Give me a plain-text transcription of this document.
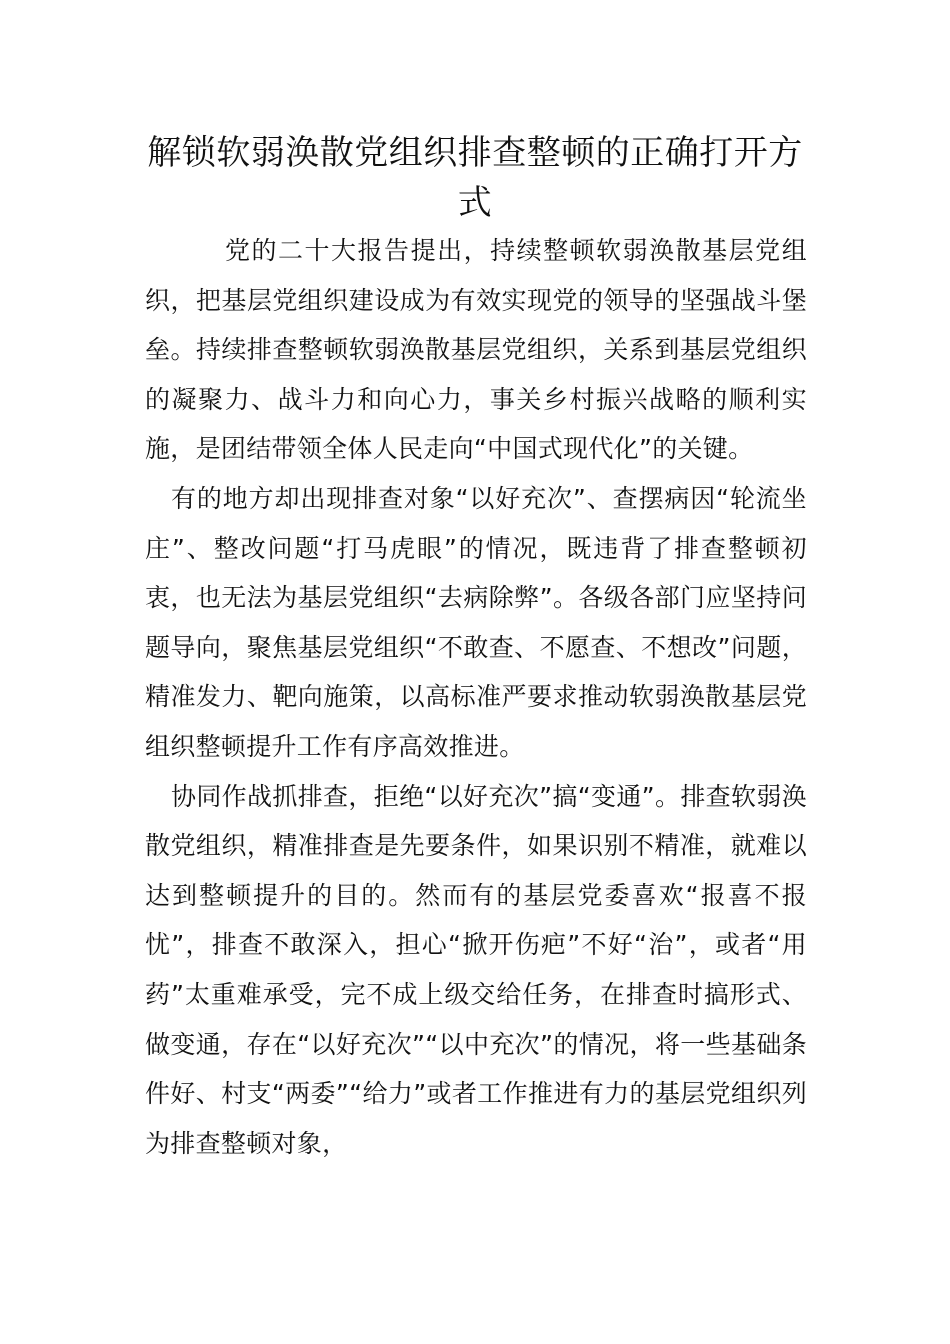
解锁软弱涣散党组织排查整顿的正确打开方式

党的二十大报告提出，持续整顿软弱涣散基层党组织，把基层党组织建设成为有效实现党的领导的坚强战斗堡垒。持续排查整顿软弱涣散基层党组织，关系到基层党组织的凝聚力、战斗力和向心力，事关乡村振兴战略的顺利实施，是团结带领全体人民走向“中国式现代化”的关键。

有的地方却出现排查对象“以好充次”、查摆病因“轮流坐庄”、整改问题“打马虎眼”的情况，既违背了排查整顿初衷，也无法为基层党组织“去病除弊”。各级各部门应坚持问题导向，聚焦基层党组织“不敢查、不愿查、不想改”问题，精准发力、靶向施策，以高标准严要求推动软弱涣散基层党组织整顿提升工作有序高效推进。

协同作战抓排查，拒绝“以好充次”搞“变通”。排查软弱涣散党组织，精准排查是先要条件，如果识别不精准，就难以达到整顿提升的目的。然而有的基层党委喜欢“报喜不报忧”，排查不敢深入，担心“掀开伤疤”不好“治”，或者“用药”太重难承受，完不成上级交给任务，在排查时搞形式、做变通，存在“以好充次”“以中充次”的情况，将一些基础条件好、村支“两委”“给力”或者工作推进有力的基层党组织列为排查整顿对象，
